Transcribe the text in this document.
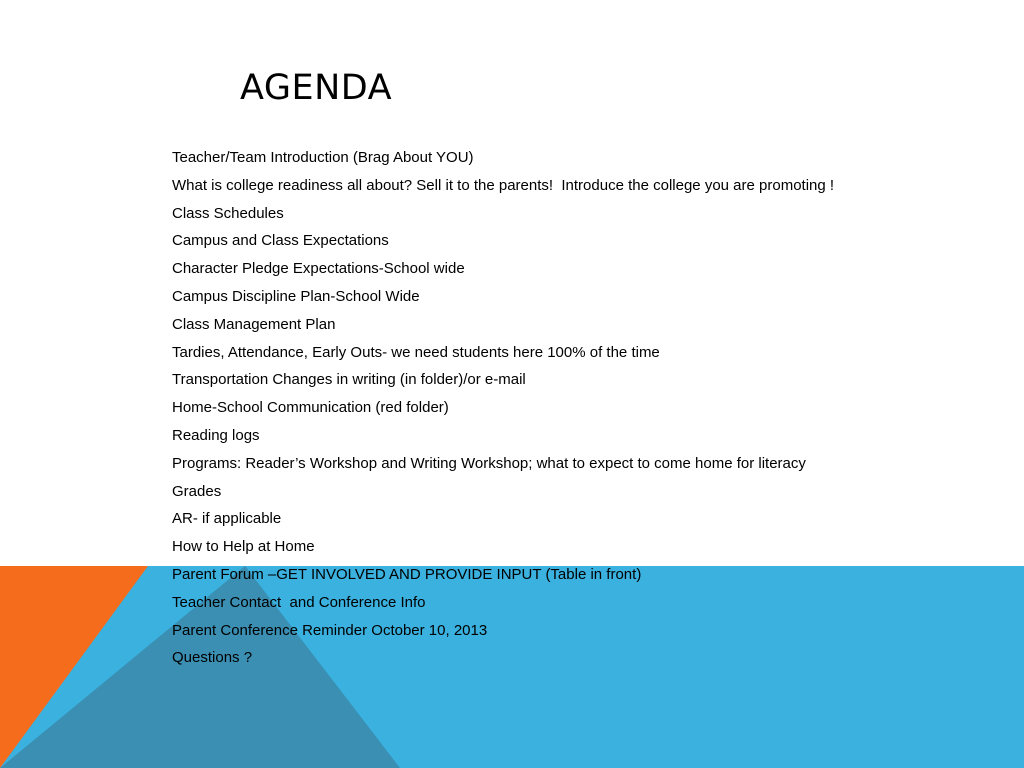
AGENDA
Teacher/Team Introduction (Brag About YOU)
What is college readiness all about? Sell it to the parents!  Introduce the college you are promoting !
Class Schedules
Campus and Class Expectations
Character Pledge Expectations-School wide
Campus Discipline Plan-School Wide
Class Management Plan
Tardies, Attendance, Early Outs- we need students here 100% of the time
Transportation Changes in writing (in folder)/or e-mail
Home-School Communication (red folder)
Reading logs
Programs: Reader’s Workshop and Writing Workshop; what to expect to come home for literacy
Grades
AR- if applicable
How to Help at Home
Parent Forum –GET INVOLVED AND PROVIDE INPUT (Table in front)
Teacher Contact  and Conference Info
Parent Conference Reminder October 10, 2013
Questions ?
